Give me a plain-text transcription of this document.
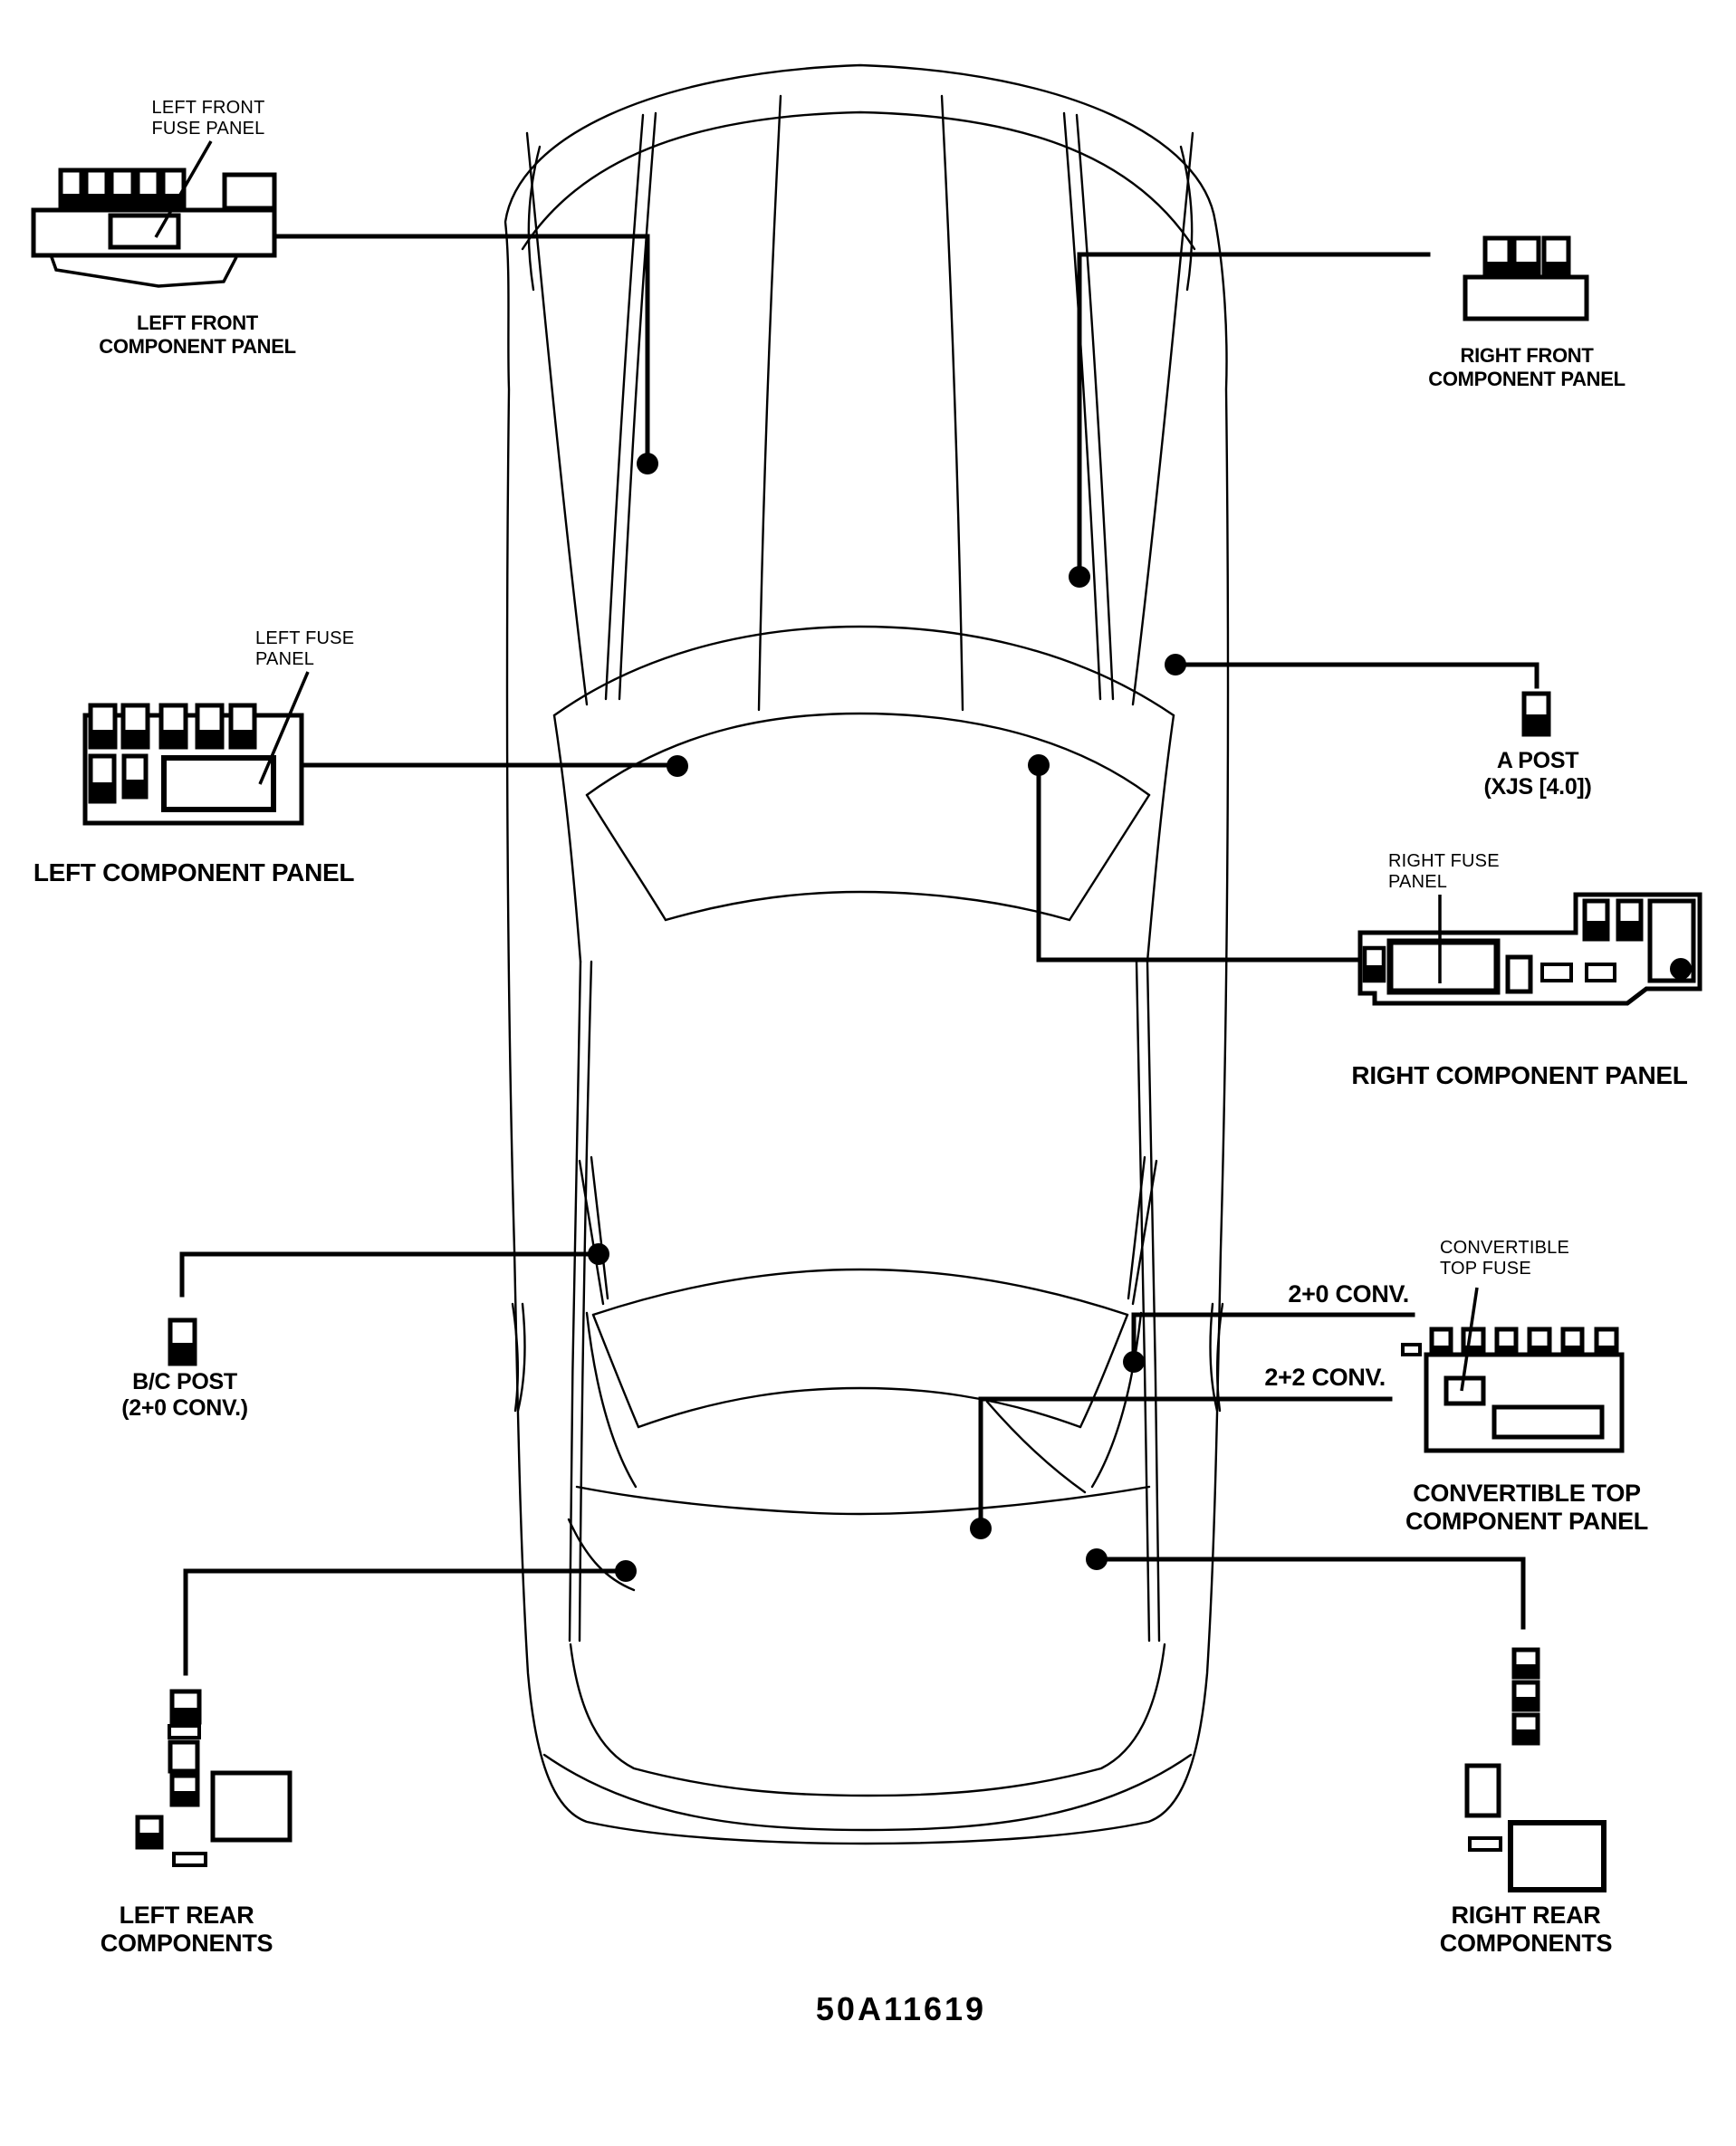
LEFT FRONT
FUSE PANEL
LEFT FRONT
COMPONENT PANEL	RIGHT FRONT
COMPONENT PANEL
LEFT FUSE
PANEL
LEFT COMPONENT PANEL
A POST
(XJS [4.0])
RIGHT FUSE
PANEL
RIGHT COMPONENT PANEL
B/C POST
(2+0 CONV.)
2+0 CONV.
2+2 CONV.
CONVERTIBLE
TOP FUSE
CONVERTIBLE TOP
COMPONENT PANEL
LEFT REAR
COMPONENTS
RIGHT REAR
COMPONENTS
50A11619
